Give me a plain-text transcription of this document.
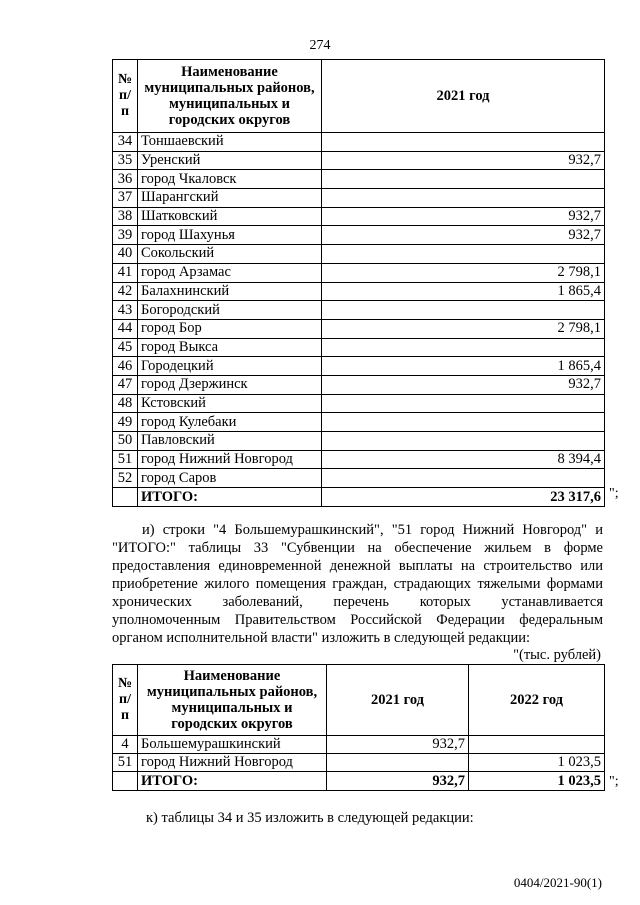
274
№ п/п	Наименование муниципальных районов, муниципальных и городских округов	2021 год
34	Тоншаевский	
35	Уренский	932,7
36	город Чкаловск	
37	Шарангский	
38	Шатковский	932,7
39	город Шахунья	932,7
40	Сокольский	
41	город Арзамас	2 798,1
42	Балахнинский	1 865,4
43	Богородский	
44	город Бор	2 798,1
45	город Выкса	
46	Городецкий	1 865,4
47	город Дзержинск	932,7
48	Кстовский	
49	город Кулебаки	
50	Павловский	
51	город Нижний Новгород	8 394,4
52	город Саров	
	ИТОГО:	23 317,6 ";
и) строки "4 Большемурашкинский", "51 город Нижний Новгород" и "ИТОГО:" таблицы 33 "Субвенции на обеспечение жильем в форме предоставления единовременной денежной выплаты на строительство или приобретение жилого помещения граждан, страдающих тяжелыми формами хронических заболеваний, перечень которых устанавливается уполномоченным Правительством Российской Федерации федеральным органом исполнительной власти" изложить в следующей редакции:
"(тыс. рублей)
№ п/п	Наименование муниципальных районов, муниципальных и городских округов	2021 год	2022 год
4	Большемурашкинский	932,7	
51	город Нижний Новгород		1 023,5
	ИТОГО:	932,7	1 023,5 ";
к) таблицы 34 и 35 изложить в следующей редакции:
0404/2021-90(1)
